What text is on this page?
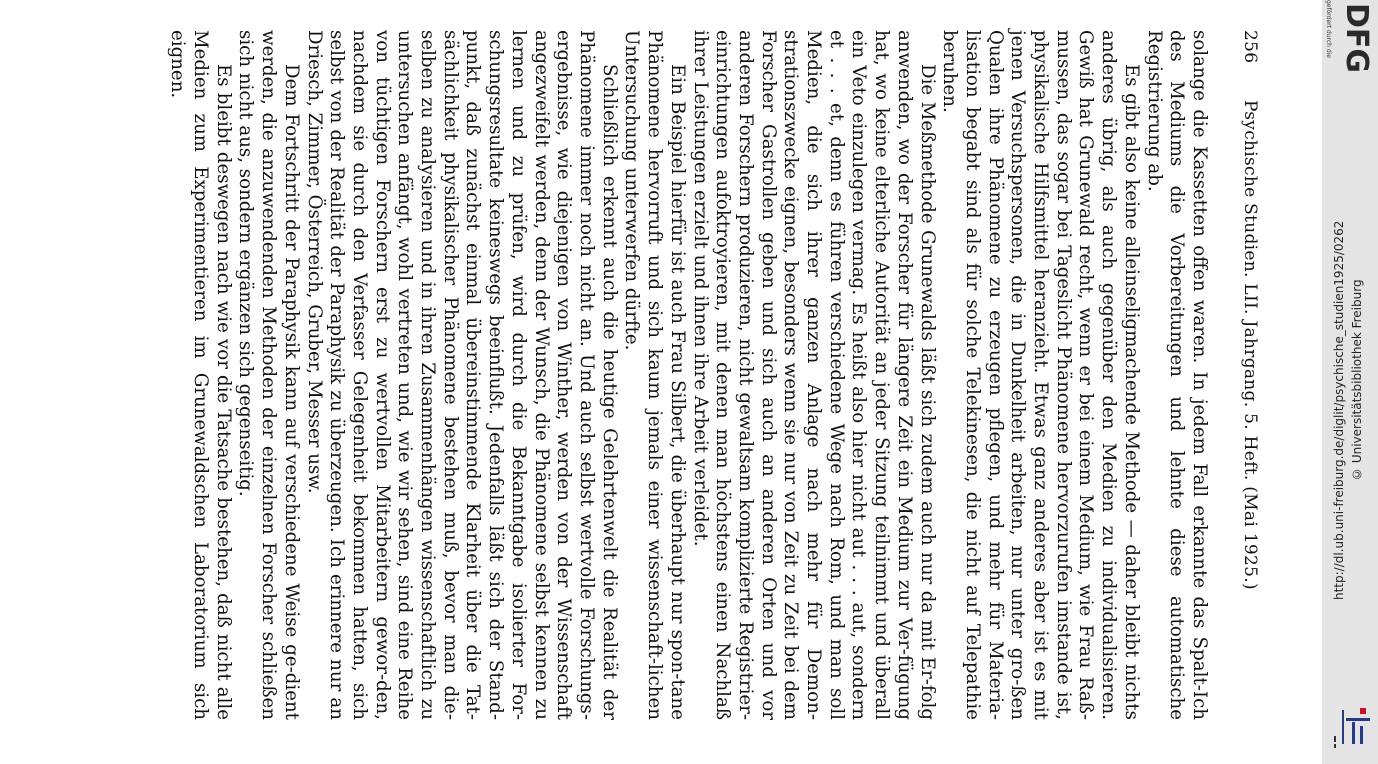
256
Psychische Studien. LII. Jahrgang. 5. Heft. (Mai 1925.)

solange die Kassetten offen waren. In jedem Fall erkannte das Spalt-Ich des Mediums die Vorbereitungen und lehnte diese automatische Registrierung ab.

Es gibt also keine alleinseligmachende Methode — daher bleibt nichts anderes übrig, als auch gegenüber den Medien zu individualisieren. Gewiß hat Grunewald recht, wenn er bei einem Medium, wie Frau Raß-mussen, das sogar bei Tageslicht Phänomene hervorzurufen imstande ist, physikalische Hilfsmittel heranzieht. Etwas ganz anderes aber ist es mit jenen Versuchspersonen, die in Dunkelheit arbeiten, nur unter gro-ßen Qualen ihre Phänomene zu erzeugen pflegen, und mehr für Materia-lisation begabt sind als für solche Telekinesen, die nicht auf Telepathie beruhen.

Die Meßmethode Grunewalds läßt sich zudem auch nur da mit Er-folg anwenden, wo der Forscher für längere Zeit ein Medium zur Ver-fügung hat, wo keine elterliche Autorität an jeder Sitzung teilnimmt und überall ein Veto einzulegen vermag. Es heißt also hier nicht aut . . . aut, sondern et . . . et, denn es führen verschiedene Wege nach Rom, und man soll Medien, die sich ihrer ganzen Anlage nach mehr für Demon-strationszwecke eignen, besonders wenn sie nur von Zeit zu Zeit bei dem Forscher Gastrollen geben und sich auch an anderen Orten und vor anderen Forschern produzieren, nicht gewaltsam komplizierte Registrier-einrichtungen aufoktroyieren, mit denen man höchstens einen Nachlaß ihrer Leistungen erzielt und ihnen ihre Arbeit verleidet.

Ein Beispiel hierfür ist auch Frau Silbert, die überhaupt nur spon-tane Phänomene hervorruft und sich kaum jemals einer wissenschaft-lichen Untersuchung unterwerfen dürfte.

Schließlich erkennt auch die heutige Gelehrtenwelt die Realität der Phänomene immer noch nicht an. Und auch selbst wertvolle Forschungs-ergebnisse, wie diejenigen von Winther, werden von der Wissenschaft angezweifelt werden, denn der Wunsch, die Phänomene selbst kennen zu lernen und zu prüfen, wird durch die Bekanntgabe isolierter For-schungsresultate keineswegs beeinflußt. Jedenfalls läßt sich der Stand-punkt, daß zunächst einmal übereinstimmende Klarheit über die Tat-sächlichkeit physikalischer Phänomene bestehen muß, bevor man die-selben zu analysieren und in ihren Zusammenhängen wissenschaftlich zu untersuchen anfängt, wohl vertreten und, wie wir sehen, sind eine Reihe von tüchtigen Forschern erst zu wertvollen Mitarbeitern gewor-den, nachdem sie durch den Verfasser Gelegenheit bekommen hatten, sich selbst von der Realität der Paraphysik zu überzeugen. Ich erinnere nur an Driesch, Zimmer, Österreich, Gruber, Messer usw.

Dem Fortschritt der Paraphysik kann auf verschiedene Weise ge-dient werden, die anzuwendenden Methoden der einzelnen Forscher schließen sich nicht aus, sondern ergänzen sich gegenseitig.

Es bleibt deswegen nach wie vor die Tatsache bestehen, daß nicht alle Medien zum Experimentieren im Grunewaldschen Laboratorium sich eignen.

gefördert durch die DFG
http://dl.ub.uni-freiburg.de/diglit/psychische_studien1925/0262 © Universitätsbibliothek Freiburg
